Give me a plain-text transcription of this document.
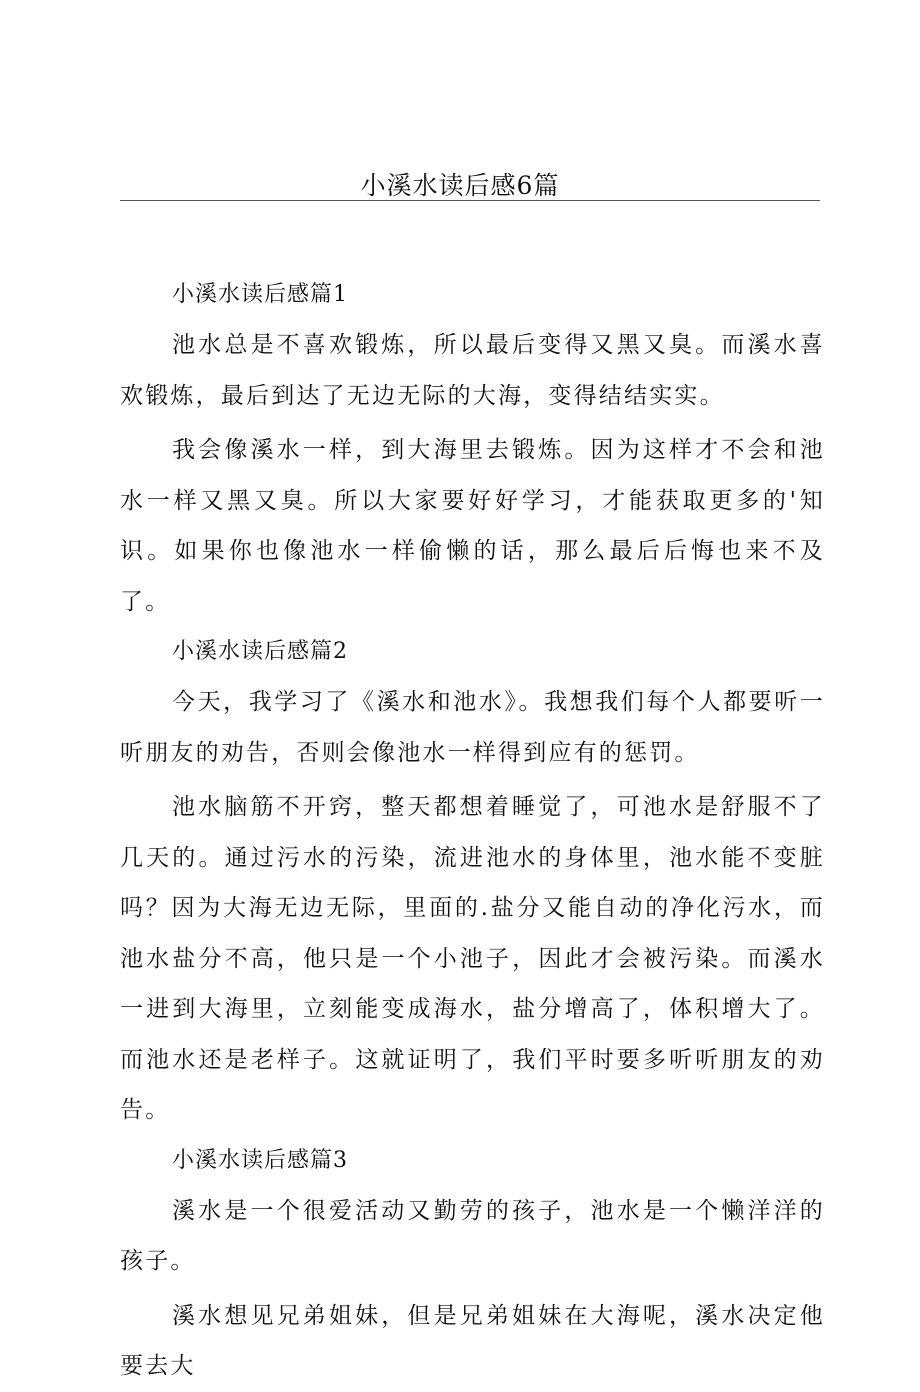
小溪水读后感6篇
小溪水读后感篇1

池水总是不喜欢锻炼，所以最后变得又黑又臭。而溪水喜欢锻炼，最后到达了无边无际的大海，变得结结实实。

我会像溪水一样，到大海里去锻炼。因为这样才不会和池水一样又黑又臭。所以大家要好好学习，才能获取更多的'知识。如果你也像池水一样偷懒的话，那么最后后悔也来不及了。

小溪水读后感篇2

今天，我学习了《溪水和池水》。我想我们每个人都要听一听朋友的劝告，否则会像池水一样得到应有的惩罚。

池水脑筋不开窍，整天都想着睡觉了，可池水是舒服不了几天的。通过污水的污染，流进池水的身体里，池水能不变脏吗？因为大海无边无际，里面的.盐分又能自动的净化污水，而池水盐分不高，他只是一个小池子，因此才会被污染。而溪水一进到大海里，立刻能变成海水，盐分增高了，体积增大了。而池水还是老样子。这就证明了，我们平时要多听听朋友的劝告。

小溪水读后感篇3

溪水是一个很爱活动又勤劳的孩子，池水是一个懒洋洋的孩子。

溪水想见兄弟姐妹，但是兄弟姐妹在大海呢，溪水决定他要去大
